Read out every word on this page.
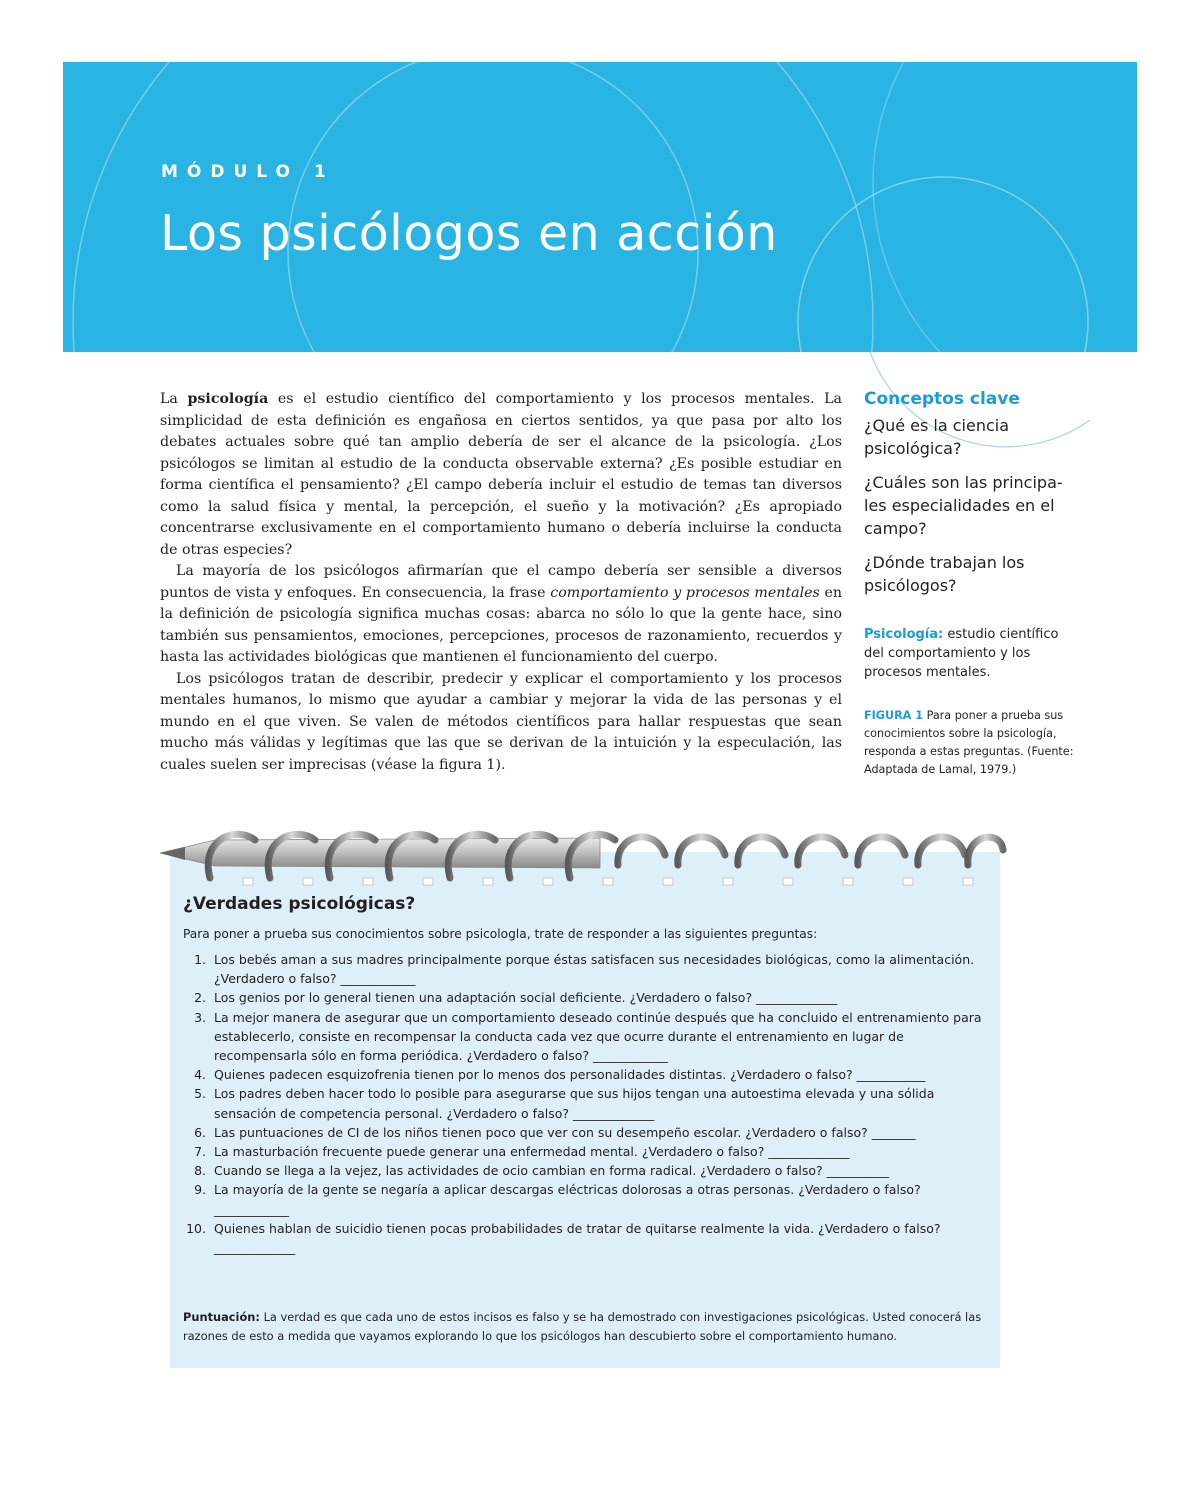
MÓDULO 1
Los psicólogos en acción

La psicología es el estudio científico del comportamiento y los procesos mentales. La simplicidad de esta definición es engañosa en ciertos sentidos, ya que pasa por alto los debates actuales sobre qué tan amplio debería de ser el alcance de la psicología. ¿Los psicólogos se limitan al estudio de la conducta observable externa? ¿Es posible estudiar en forma científica el pensamiento? ¿El campo debería incluir el estudio de temas tan diversos como la salud física y mental, la percepción, el sueño y la motivación? ¿Es apropiado concentrarse exclusivamente en el comportamiento humano o debería incluirse la conducta de otras especies?

La mayoría de los psicólogos afirmarían que el campo debería ser sensible a diversos puntos de vista y enfoques. En consecuencia, la frase comportamiento y procesos mentales en la definición de psicología significa muchas cosas: abarca no sólo lo que la gente hace, sino también sus pensamientos, emociones, percepciones, procesos de razonamiento, recuerdos y hasta las actividades biológicas que mantienen el funcionamiento del cuerpo.

Los psicólogos tratan de describir, predecir y explicar el comportamiento y los procesos mentales humanos, lo mismo que ayudar a cambiar y mejorar la vida de las personas y el mundo en el que viven. Se valen de métodos científicos para hallar respuestas que sean mucho más válidas y legítimas que las que se derivan de la intuición y la especulación, las cuales suelen ser imprecisas (véase la figura 1).

Conceptos clave
¿Qué es la ciencia psicológica?
¿Cuáles son las principa-les especialidades en el campo?
¿Dónde trabajan los psicólogos?
Psicología: estudio científico del comportamiento y los procesos mentales.
FIGURA 1 Para poner a prueba sus conocimientos sobre la psicología, responda a estas preguntas. (Fuente: Adaptada de Lamal, 1979.)
¿Verdades psicológicas?
Para poner a prueba sus conocimientos sobre psicologla, trate de responder a las siguientes preguntas:
1. Los bebés aman a sus madres principalmente porque éstas satisfacen sus necesidades biológicas, como la alimentación. ¿Verdadero o falso? ____________
2. Los genios por lo general tienen una adaptación social deficiente. ¿Verdadero o falso? _____________
3. La mejor manera de asegurar que un comportamiento deseado continúe después que ha concluido el entrenamiento para establecerlo, consiste en recompensar la conducta cada vez que ocurre durante el entrenamiento en lugar de recompensarla sólo en forma periódica. ¿Verdadero o falso? ____________
4. Quienes padecen esquizofrenia tienen por lo menos dos personalidades distintas. ¿Verdadero o falso? ___________
5. Los padres deben hacer todo lo posible para asegurarse que sus hijos tengan una autoestima elevada y una sólida sensación de competencia personal. ¿Verdadero o falso? _____________
6. Las puntuaciones de CI de los niños tienen poco que ver con su desempeño escolar. ¿Verdadero o falso? _______
7. La masturbación frecuente puede generar una enfermedad mental. ¿Verdadero o falso? _____________
8. Cuando se llega a la vejez, las actividades de ocio cambian en forma radical. ¿Verdadero o falso? __________
9. La mayoría de la gente se negaría a aplicar descargas eléctricas dolorosas a otras personas. ¿Verdadero o falso? ____________
10. Quienes hablan de suicidio tienen pocas probabilidades de tratar de quitarse realmente la vida. ¿Verdadero o falso? _____________
Puntuación: La verdad es que cada uno de estos incisos es falso y se ha demostrado con investigaciones psicológicas. Usted conocerá las razones de esto a medida que vayamos explorando lo que los psicólogos han descubierto sobre el comportamiento humano.
